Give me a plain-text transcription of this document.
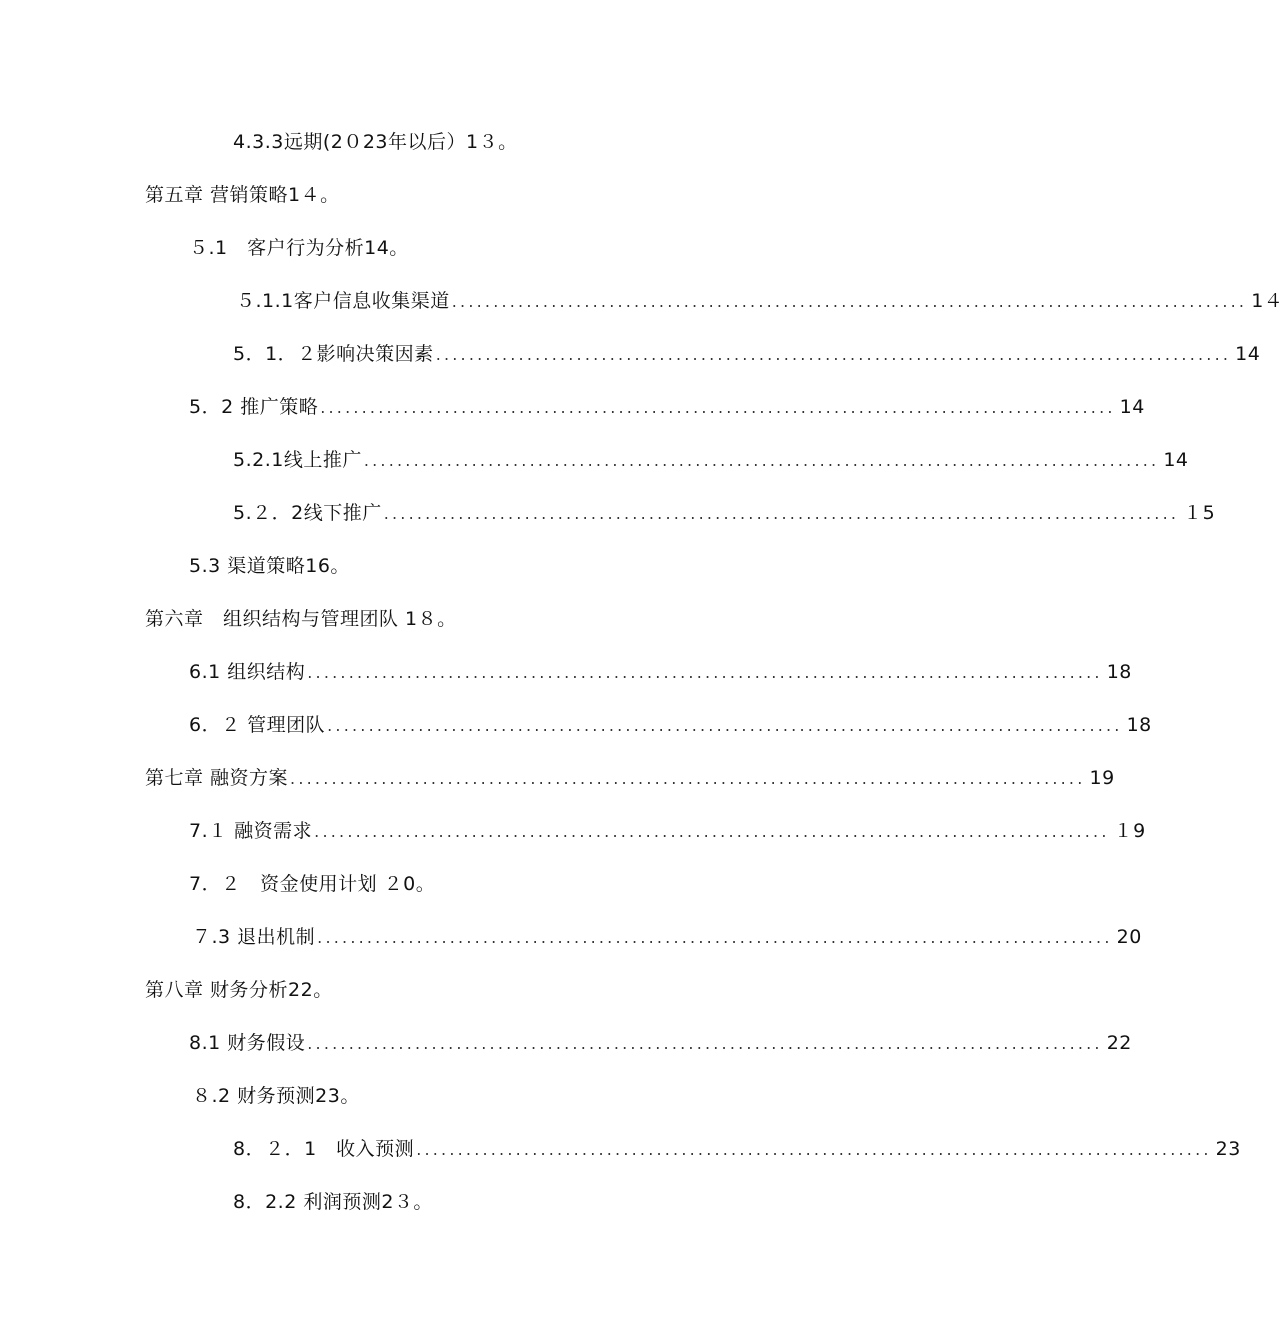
4.3.3远期(2０23年以后）1３。
第五章 营销策略1４。
５.1　客户行为分析14。
５.1.1客户信息收集渠道 ................................................................................................ 1４
5．1．２影响决策因素 ................................................................................................ 14
5．2 推广策略 ................................................................................................ 14
5.2.1线上推广 ................................................................................................ 14
5.２．2线下推广 ................................................................................................ １5
5.3 渠道策略16。
第六章　组织结构与管理团队 1８。
6.1 组织结构 ................................................................................................ 18
6．２ 管理团队 ................................................................................................ 18
第七章 融资方案 ................................................................................................ 19
7.１ 融资需求 ................................................................................................ １9
7．２　资金使用计划 ２0。
７.3 退出机制 ................................................................................................ 20
第八章 财务分析22。
8.1 财务假设 ................................................................................................ 22
８.2 财务预测23。
8．２．1　收入预测 ................................................................................................ 23
8．2.2 利润预测2３。
